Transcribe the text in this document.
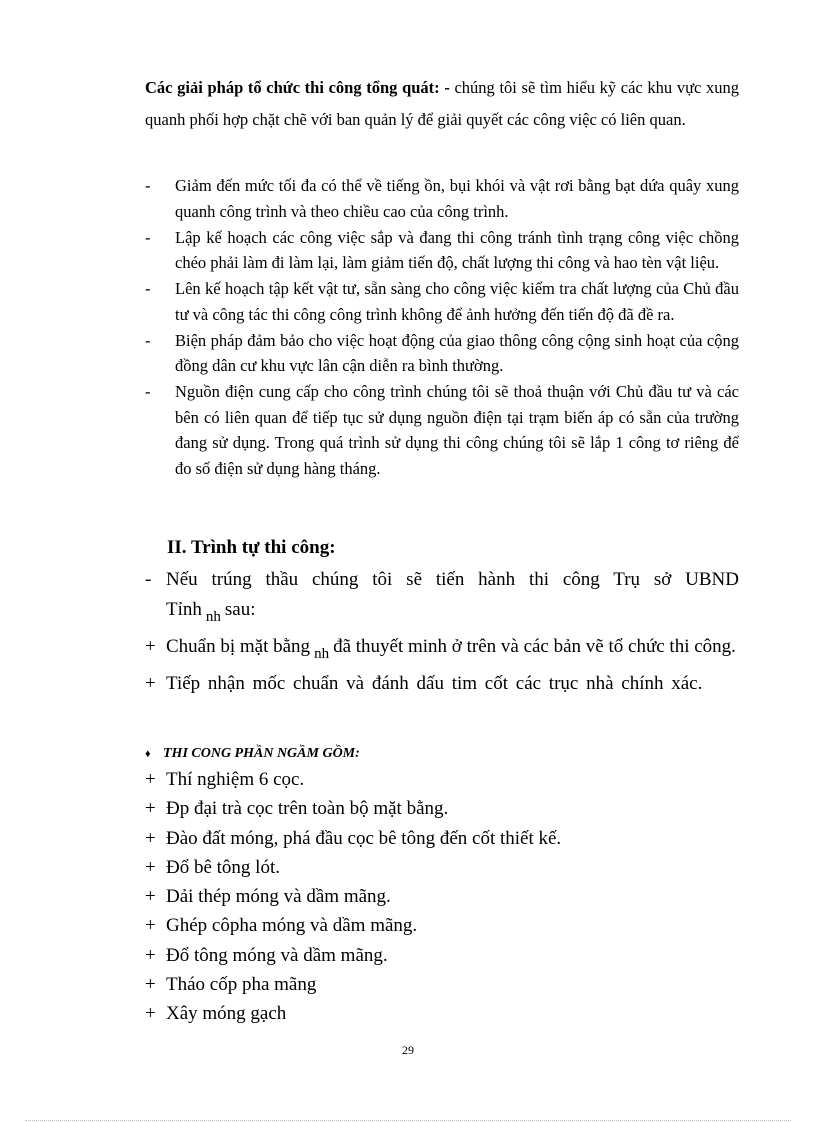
Các giải pháp tổ chức thi công tổng quát: - chúng tôi sẽ tìm hiểu kỹ các khu vực xung quanh phối hợp chặt chẽ với ban quản lý để giải quyết các công việc có liên quan.
- Giảm đến mức tối đa có thể về tiếng ồn, bụi khói và vật rơi bằng bạt dứa quây xung quanh công trình và theo chiều cao của công trình.
- Lập kế hoạch các công việc sắp và đang thi công tránh tình trạng công việc chồng chéo phải làm đi làm lại, làm giảm tiến độ, chất lượng thi công và hao tèn vật liệu.
- Lên kế hoạch tập kết vật tư, sẵn sàng cho công việc kiểm tra chất lượng của Chủ đầu tư và công tác thi công công trình không để ảnh hưởng đến tiến độ đã đề ra.
- Biện pháp đảm bảo cho việc hoạt động của giao thông công cộng sinh hoạt của cộng đồng dân cư khu vực lân cận diễn ra bình thường.
- Nguồn điện cung cấp cho công trình chúng tôi sẽ thoả thuận với Chủ đầu tư và các bên có liên quan để tiếp tục sử dụng nguồn điện tại trạm biến áp có sẵn của trường đang sử dụng. Trong quá trình sử dụng thi công chúng tôi sẽ lắp 1 công tơ riêng để đo số điện sử dụng hàng tháng.
II. Trình tự thi công:
- Nếu trúng thầu chúng tôi sẽ tiến hành thi công Trụ sở UBND Tỉnh $_{nh}$ sau:
+ Chuẩn bị mặt bằng $_{nh}$ đã thuyết minh ở trên và các bản vẽ tổ chức thi công.
+ Tiếp nhận mốc chuẩn và đánh dấu tim cốt các trục nhà chính xác.
♦ THI CONG PHẦN NGẦM GỒM:
+ Thí nghiệm 6 cọc.
+ Đp đại trà cọc trên toàn bộ mặt bằng.
+ Đào đất móng, phá đầu cọc bê tông đến cốt thiết kế.
+ Đổ bê tông lót.
+ Dải thép móng và dầm mãng.
+ Ghép côpha móng và dầm mãng.
+ Đổ tông móng và dầm mãng.
+ Tháo cốp pha mãng
+ Xây móng gạch
29
